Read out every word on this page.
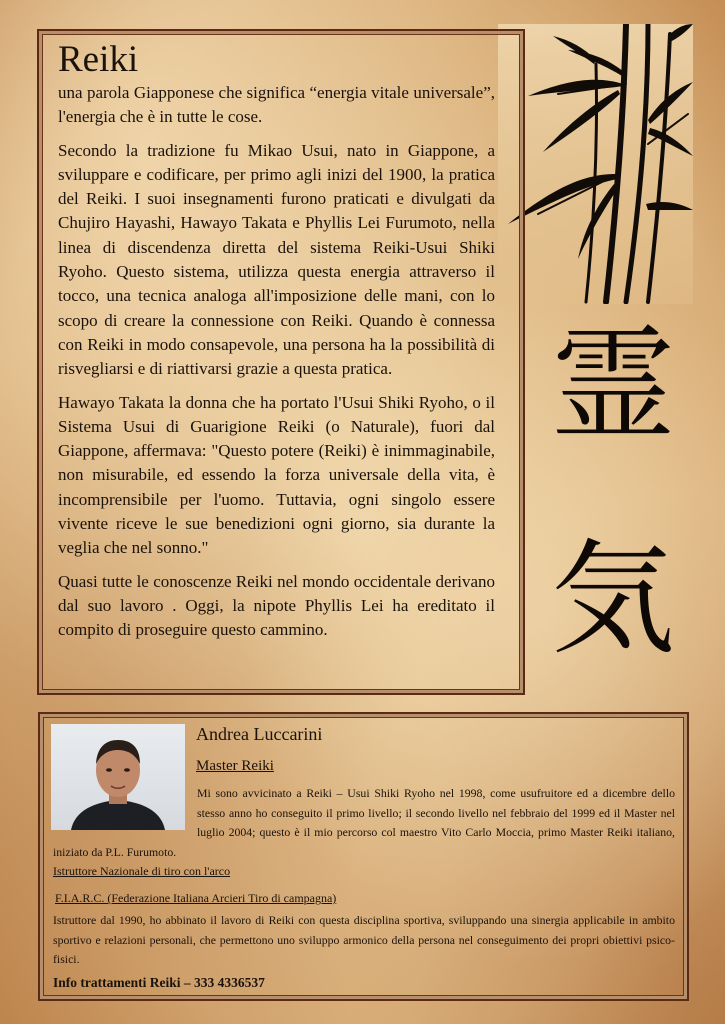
霊
気
Reiki

una parola Giapponese che significa “energia vitale universale”, l'energia che è in tutte le cose.

Secondo la tradizione fu Mikao Usui, nato in Giappone, a sviluppare e codificare, per primo agli inizi del 1900, la pratica del Reiki. I suoi insegnamenti furono praticati e divulgati da Chujiro Hayashi, Hawayo Takata e Phyllis Lei Furumoto, nella linea di discendenza diretta del sistema Reiki-Usui Shiki Ryoho. Questo sistema, utilizza questa energia attraverso il tocco, una tecnica analoga all'imposizione delle mani, con lo scopo di creare la connessione con Reiki. Quando è connessa con Reiki in modo consapevole, una persona ha la possibilità di risvegliarsi e di riattivarsi grazie a questa pratica.

Hawayo Takata la donna che ha portato l'Usui Shiki Ryoho, o il Sistema Usui di Guarigione Reiki (o Naturale), fuori dal Giappone, affermava: "Questo potere (Reiki) è inimmaginabile, non misurabile, ed essendo la forza universale della vita, è incomprensibile per l'uomo. Tuttavia, ogni singolo essere vivente riceve le sue benedizioni ogni giorno, sia durante la veglia che nel sonno."

Quasi tutte le conoscenze Reiki nel mondo occidentale derivano dal suo lavoro . Oggi, la nipote Phyllis Lei ha ereditato il compito di proseguire questo cammino.

Andrea Luccarini
Master Reiki

Mi sono avvicinato a Reiki – Usui Shiki Ryoho nel 1998, come usufruitore ed a dicembre dello stesso anno ho conseguito il primo livello; il secondo livello nel febbraio del 1999 ed il Master nel luglio 2004; questo è il mio percorso col maestro Vito Carlo Moccia, primo Master Reiki italiano, iniziato da P.L. Furumoto.

Istruttore Nazionale di tiro con l'arco

F.I.A.R.C. (Federazione Italiana Arcieri Tiro di campagna)

Istruttore dal 1990, ho abbinato il lavoro di Reiki con questa disciplina sportiva, sviluppando una sinergia applicabile in ambito sportivo e relazioni personali, che permettono uno sviluppo armonico della persona nel conseguimento dei propri obiettivi psico-fisici.

Info trattamenti Reiki – 333 4336537
